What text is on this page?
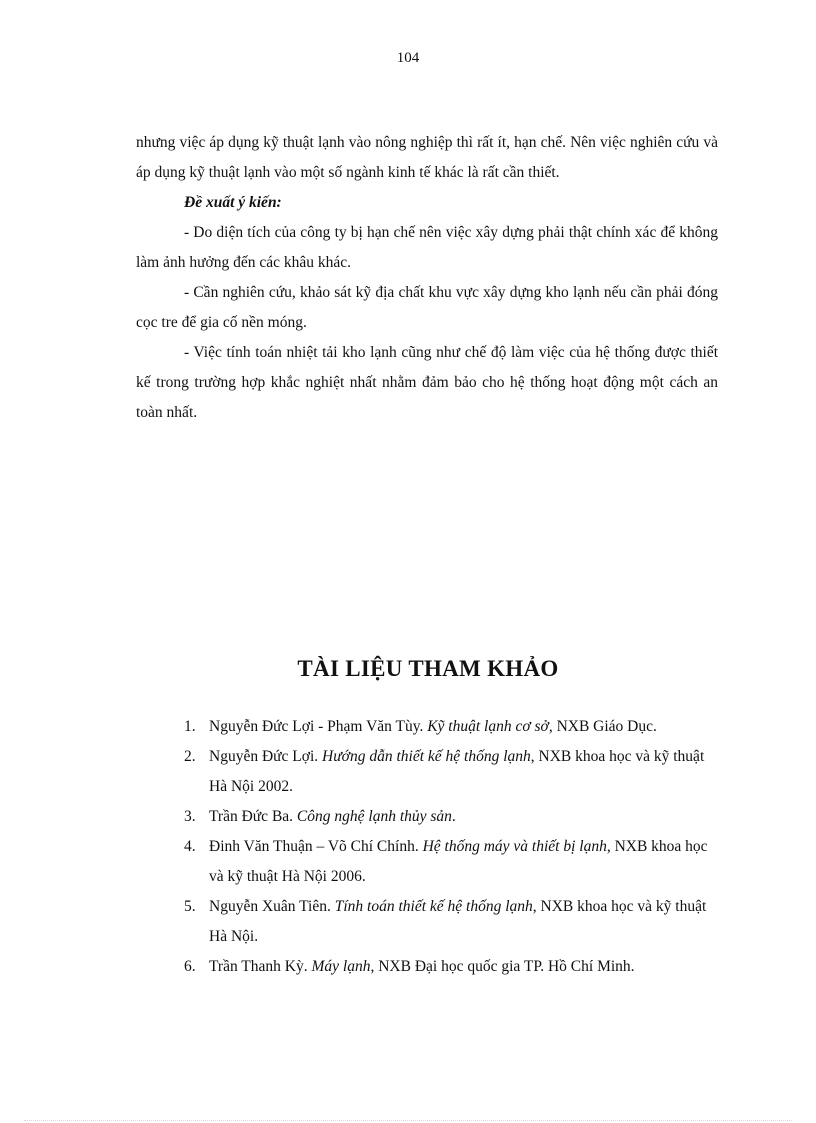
104

nhưng việc áp dụng kỹ thuật lạnh vào nông nghiệp thì rất ít, hạn chế. Nên việc nghiên cứu và áp dụng kỹ thuật lạnh vào một số ngành kinh tế khác là rất cần thiết.

Đề xuất ý kiến:

- Do diện tích của công ty bị hạn chế nên việc xây dựng phải thật chính xác để không làm ảnh hưởng đến các khâu khác.

- Cần nghiên cứu, khảo sát kỹ địa chất khu vực xây dựng kho lạnh nếu cần phải đóng cọc tre để gia cố nền móng.

- Việc tính toán nhiệt tải kho lạnh cũng như chế độ làm việc của hệ thống được thiết kế trong trường hợp khắc nghiệt nhất nhằm đảm bảo cho hệ thống hoạt động một cách an toàn nhất.

TÀI LIỆU THAM KHẢO
1. Nguyễn Đức Lợi - Phạm Văn Tùy. Kỹ thuật lạnh cơ sở, NXB Giáo Dục.
2. Nguyễn Đức Lợi. Hướng dẫn thiết kế hệ thống lạnh, NXB khoa học và kỹ thuật Hà Nội 2002.
3. Trần Đức Ba. Công nghệ lạnh thủy sản.
4. Đinh Văn Thuận – Võ Chí Chính. Hệ thống máy và thiết bị lạnh, NXB khoa học và kỹ thuật Hà Nội 2006.
5. Nguyễn Xuân Tiên. Tính toán thiết kế hệ thống lạnh, NXB khoa học và kỹ thuật Hà Nội.
6. Trần Thanh Kỳ. Máy lạnh, NXB Đại học quốc gia TP. Hồ Chí Minh.
